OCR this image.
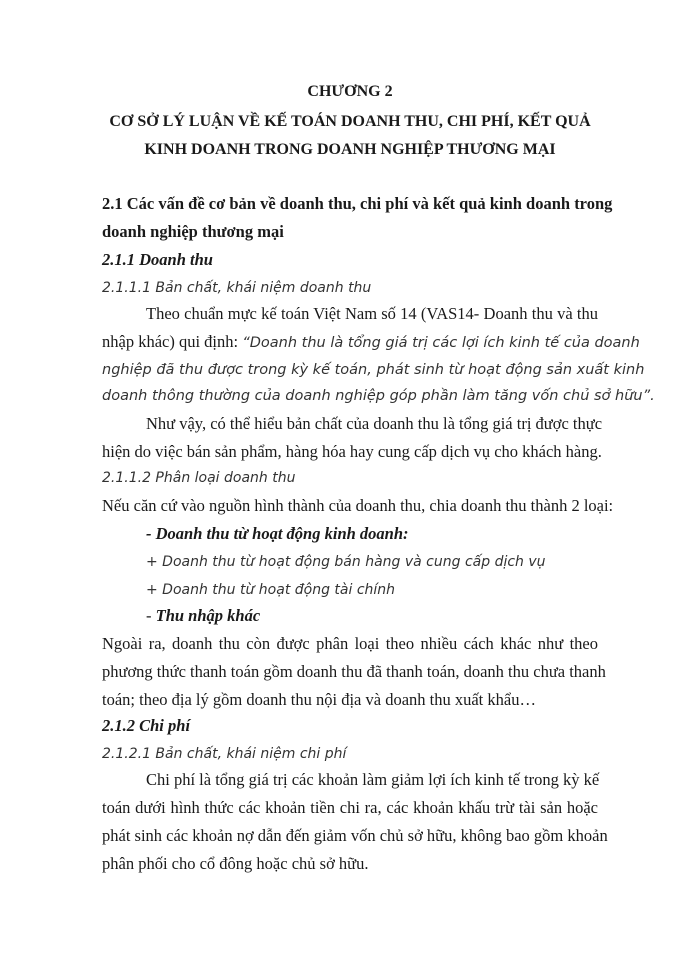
CHƯƠNG 2
CƠ SỞ LÝ LUẬN VỀ KẾ TOÁN DOANH THU, CHI PHÍ, KẾT QUẢ
KINH DOANH TRONG DOANH NGHIỆP THƯƠNG MẠI
2.1 Các vấn đề cơ bản về doanh thu, chi phí và kết quả kinh doanh trong
doanh nghiệp thương mại
2.1.1 Doanh thu
2.1.1.1 Bản chất, khái niệm doanh thu
Theo chuẩn mực kế toán Việt Nam số 14 (VAS14- Doanh thu và thu
nhập khác) qui định: “Doanh thu là tổng giá trị các lợi ích kinh tế của doanh
nghiệp đã thu được trong kỳ kế toán, phát sinh từ hoạt động sản xuất kinh
doanh thông thường của doanh nghiệp góp phần làm tăng vốn chủ sở hữu”.
Như vậy, có thể hiểu bản chất của doanh thu là tổng giá trị được thực
hiện do việc bán sản phẩm, hàng hóa hay cung cấp dịch vụ cho khách hàng.
2.1.1.2 Phân loại doanh thu
Nếu căn cứ vào nguồn hình thành của doanh thu, chia doanh thu thành 2 loại:
- Doanh thu từ hoạt động kinh doanh:
+ Doanh thu từ hoạt động bán hàng và cung cấp dịch vụ
+ Doanh thu từ hoạt động tài chính
- Thu nhập khác
Ngoài ra, doanh thu còn được phân loại theo nhiều cách khác như theo
phương thức thanh toán gồm doanh thu đã thanh toán, doanh thu chưa thanh
toán; theo địa lý gồm doanh thu nội địa và doanh thu xuất khẩu…
2.1.2 Chi phí
2.1.2.1 Bản chất, khái niệm chi phí
Chi phí là tổng giá trị các khoản làm giảm lợi ích kinh tế trong kỳ kế
toán dưới hình thức các khoản tiền chi ra, các khoản khấu trừ tài sản hoặc
phát sinh các khoản nợ dẫn đến giảm vốn chủ sở hữu, không bao gồm khoản
phân phối cho cổ đông hoặc chủ sở hữu.
